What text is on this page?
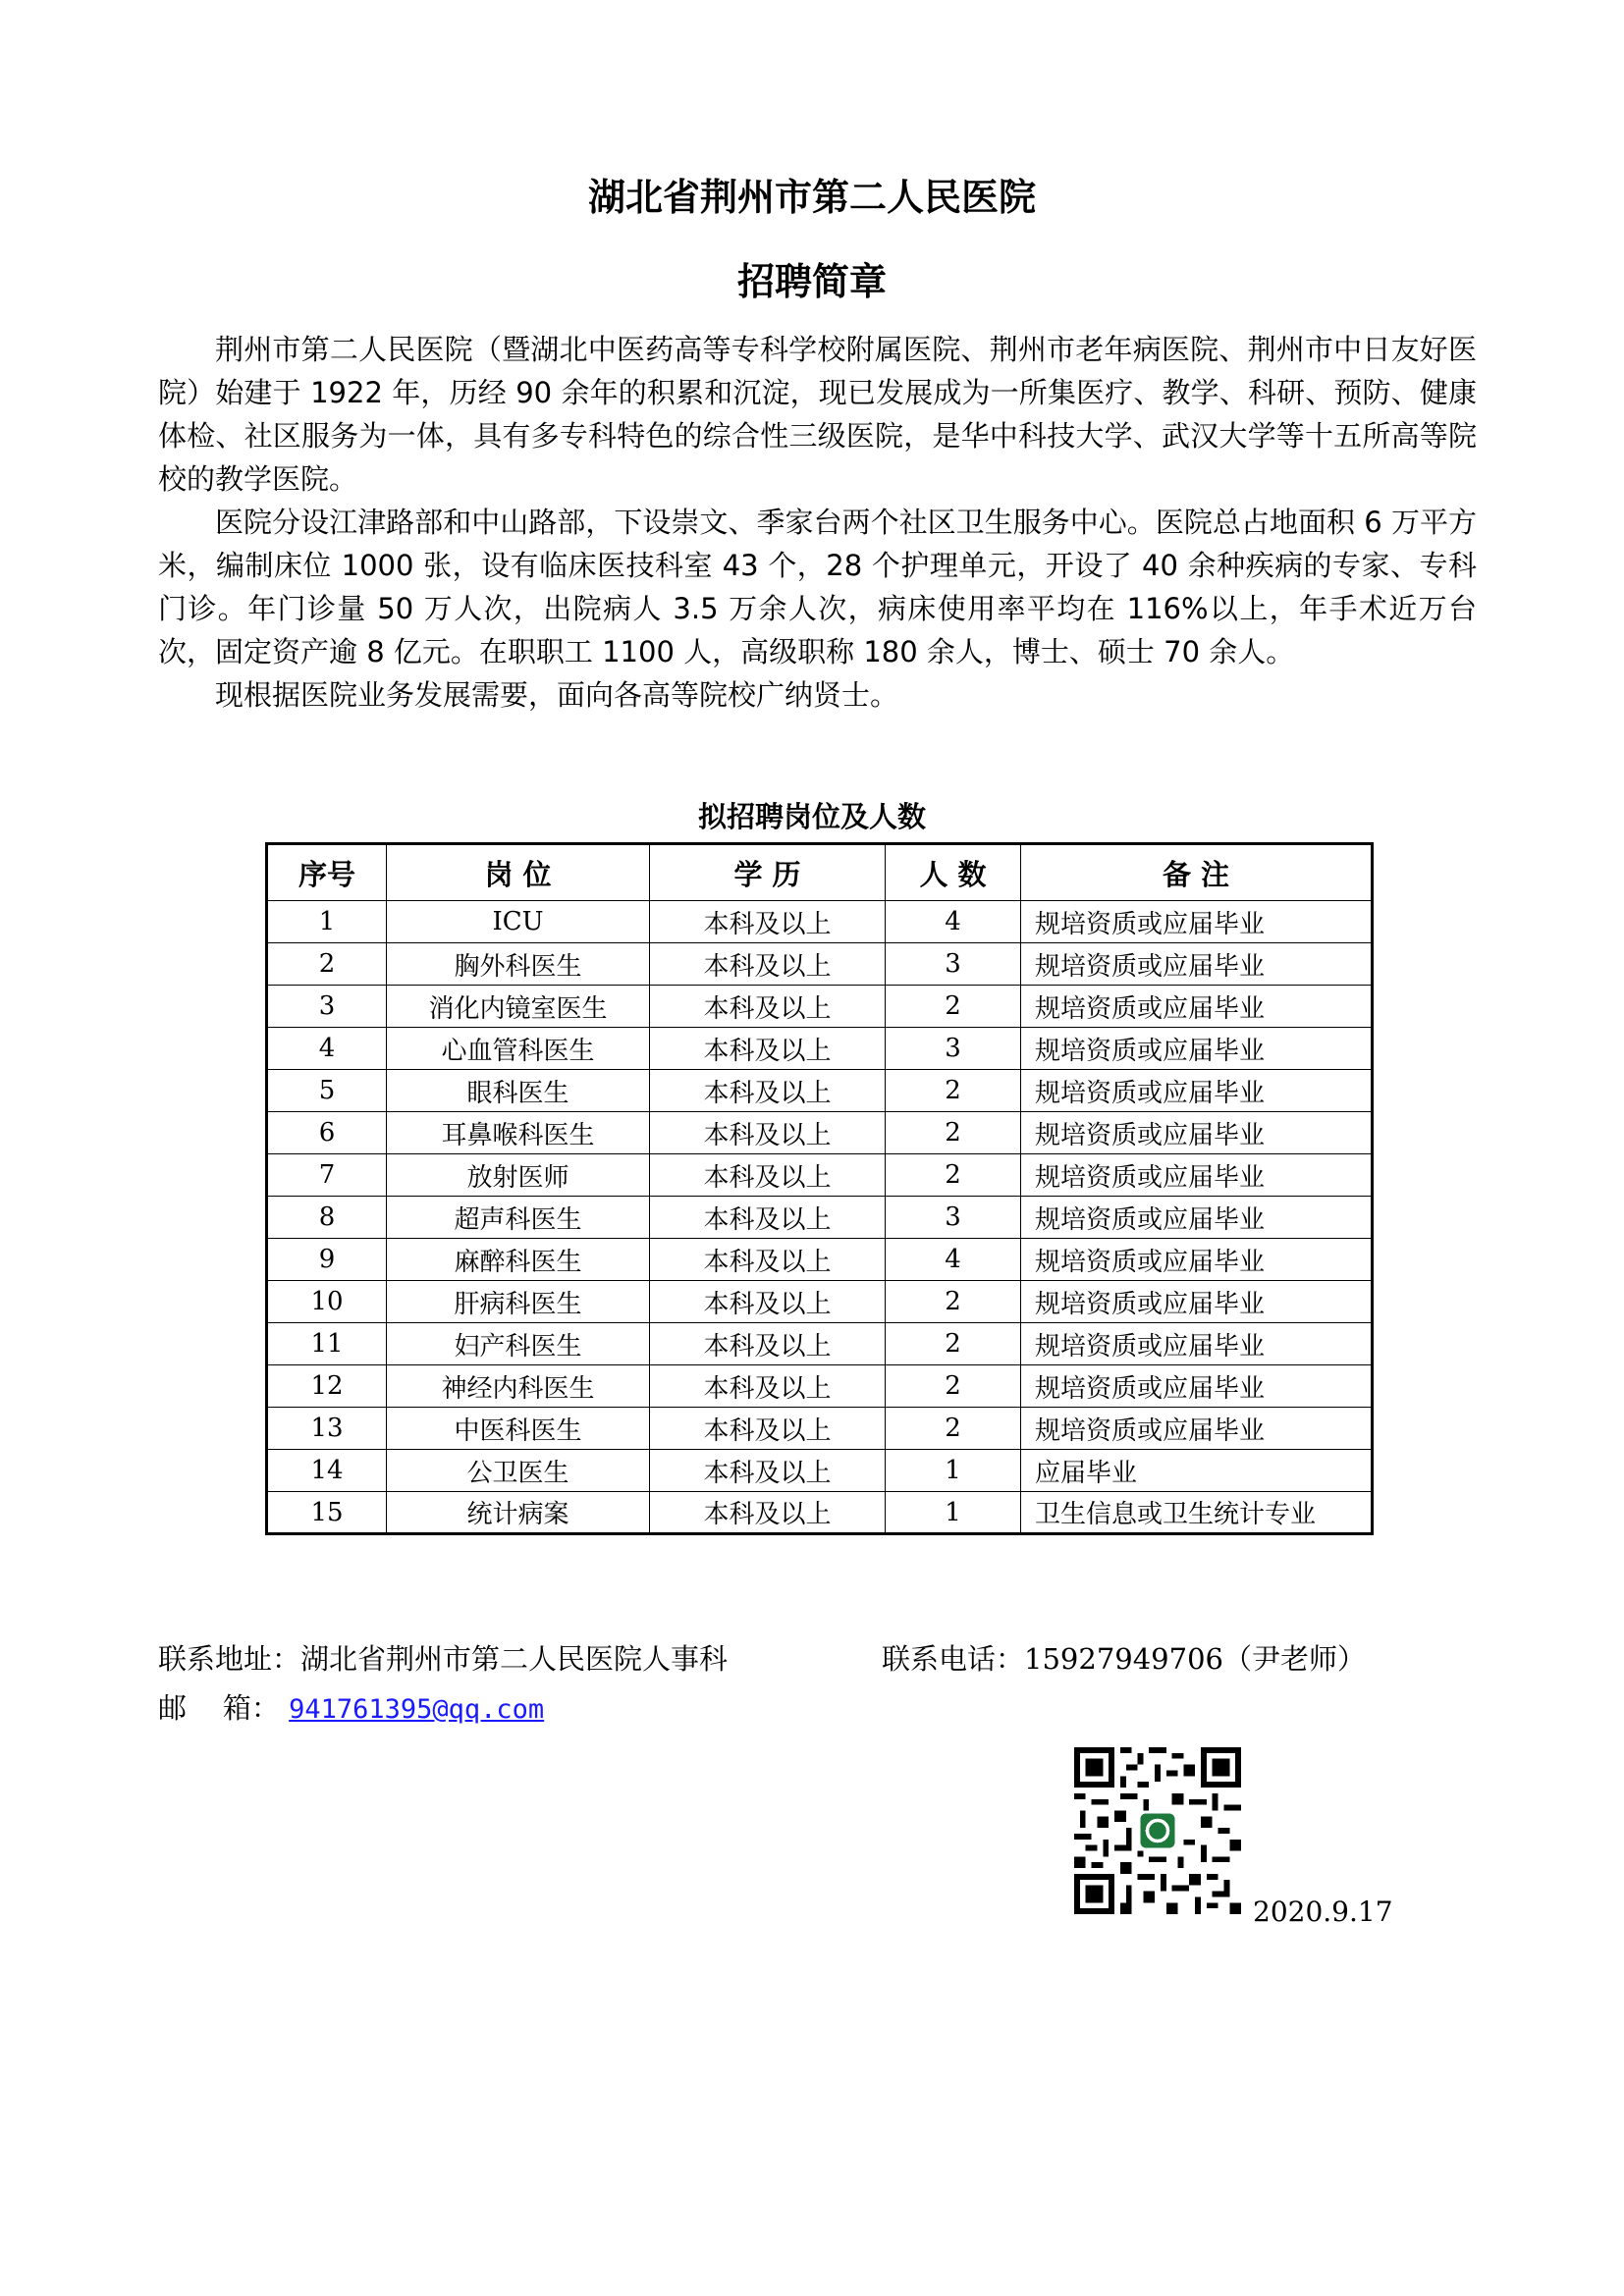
湖北省荆州市第二人民医院
招聘简章

荆州市第二人民医院（暨湖北中医药高等专科学校附属医院、荆州市老年病医院、荆州市中日友好医院）始建于 1922 年，历经 90 余年的积累和沉淀，现已发展成为一所集医疗、教学、科研、预防、健康体检、社区服务为一体，具有多专科特色的综合性三级医院，是华中科技大学、武汉大学等十五所高等院校的教学医院。

医院分设江津路部和中山路部，下设崇文、季家台两个社区卫生服务中心。医院总占地面积 6 万平方米，编制床位 1000 张，设有临床医技科室 43 个，28 个护理单元，开设了 40 余种疾病的专家、专科门诊。年门诊量 50 万人次，出院病人 3.5 万余人次，病床使用率平均在 116%以上，年手术近万台次，固定资产逾 8 亿元。在职职工 1100 人，高级职称 180 余人，博士、硕士 70 余人。

现根据医院业务发展需要，面向各高等院校广纳贤士。

拟招聘岗位及人数
序号	岗 位	学 历	人 数	备 注
1	ICU	本科及以上	4	规培资质或应届毕业
2	胸外科医生	本科及以上	3	规培资质或应届毕业
3	消化内镜室医生	本科及以上	2	规培资质或应届毕业
4	心血管科医生	本科及以上	3	规培资质或应届毕业
5	眼科医生	本科及以上	2	规培资质或应届毕业
6	耳鼻喉科医生	本科及以上	2	规培资质或应届毕业
7	放射医师	本科及以上	2	规培资质或应届毕业
8	超声科医生	本科及以上	3	规培资质或应届毕业
9	麻醉科医生	本科及以上	4	规培资质或应届毕业
10	肝病科医生	本科及以上	2	规培资质或应届毕业
11	妇产科医生	本科及以上	2	规培资质或应届毕业
12	神经内科医生	本科及以上	2	规培资质或应届毕业
13	中医科医生	本科及以上	2	规培资质或应届毕业
14	公卫医生	本科及以上	1	应届毕业
15	统计病案	本科及以上	1	卫生信息或卫生统计专业
联系地址：湖北省荆州市第二人民医院人事科	联系电话：15927949706（尹老师）
邮    箱： 941761395@qq.com
2020.9.17
